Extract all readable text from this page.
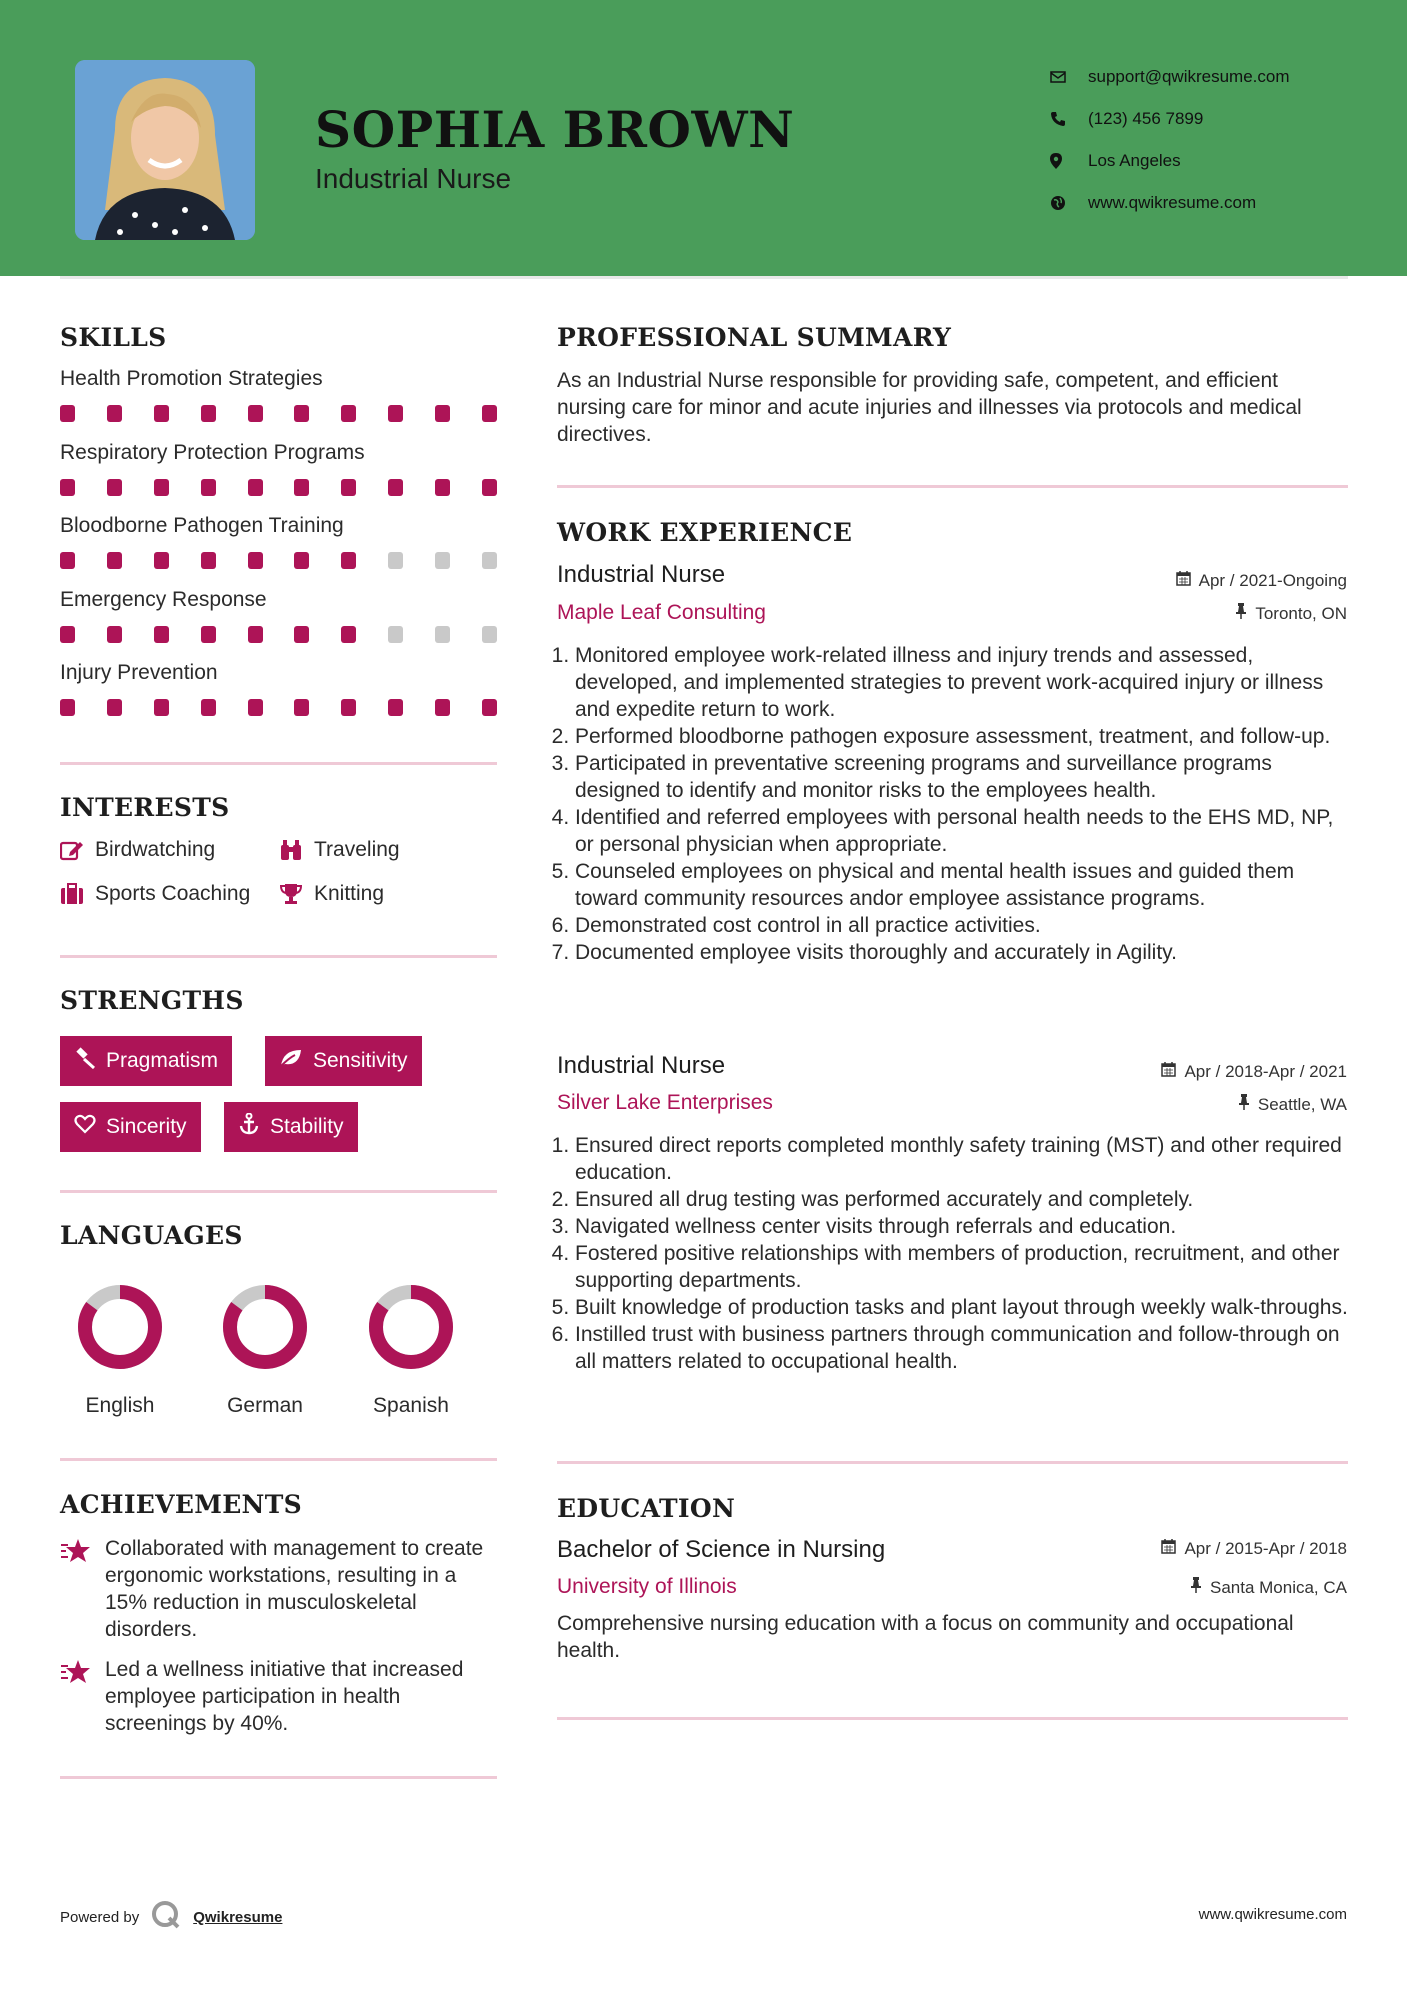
SOPHIA BROWN
Industrial Nurse
support@qwikresume.com
(123) 456 7899
Los Angeles
www.qwikresume.com
SKILLS
Health Promotion Strategies
Respiratory Protection Programs
Bloodborne Pathogen Training
Emergency Response
Injury Prevention
INTERESTS
Birdwatching	Traveling
Sports Coaching	Knitting
STRENGTHS
Pragmatism	Sensitivity
Sincerity	Stability
LANGUAGES
English	German	Spanish
ACHIEVEMENTS
Collaborated with management to create ergonomic workstations, resulting in a 15% reduction in musculoskeletal disorders.
Led a wellness initiative that increased employee participation in health screenings by 40%.
PROFESSIONAL SUMMARY
As an Industrial Nurse responsible for providing safe, competent, and efficient nursing care for minor and acute injuries and illnesses via protocols and medical directives.
WORK EXPERIENCE
Industrial Nurse	Apr / 2021-Ongoing
Maple Leaf Consulting	Toronto, ON
1. Monitored employee work-related illness and injury trends and assessed, developed, and implemented strategies to prevent work-acquired injury or illness and expedite return to work.
2. Performed bloodborne pathogen exposure assessment, treatment, and follow-up.
3. Participated in preventative screening programs and surveillance programs designed to identify and monitor risks to the employees health.
4. Identified and referred employees with personal health needs to the EHS MD, NP, or personal physician when appropriate.
5. Counseled employees on physical and mental health issues and guided them toward community resources andor employee assistance programs.
6. Demonstrated cost control in all practice activities.
7. Documented employee visits thoroughly and accurately in Agility.
Industrial Nurse	Apr / 2018-Apr / 2021
Silver Lake Enterprises	Seattle, WA
1. Ensured direct reports completed monthly safety training (MST) and other required education.
2. Ensured all drug testing was performed accurately and completely.
3. Navigated wellness center visits through referrals and education.
4. Fostered positive relationships with members of production, recruitment, and other supporting departments.
5. Built knowledge of production tasks and plant layout through weekly walk-throughs.
6. Instilled trust with business partners through communication and follow-through on all matters related to occupational health.
EDUCATION
Bachelor of Science in Nursing	Apr / 2015-Apr / 2018
University of Illinois	Santa Monica, CA
Comprehensive nursing education with a focus on community and occupational health.
Powered by	Qwikresume	www.qwikresume.com
